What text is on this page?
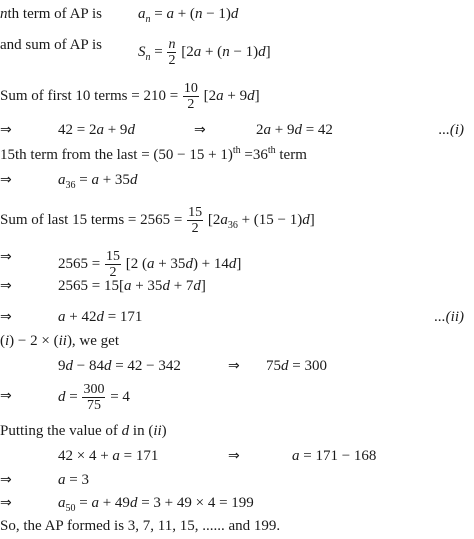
nth term of AP is $a_n = a + (n - 1)d$
and sum of AP is $S_n = \frac{n}{2} [2a + (n - 1)d]$
Sum of first 10 terms = $210 = \frac{10}{2} [2a + 9d]$
⇒	42 = 2a + 9d	⇒	2a + 9d = 42	...(i)
15th term from the last = $(50 - 15 + 1)^{th} =36th$ term
⇒	$a_{36} = a + 35d$
Sum of last 15 terms = $2565 = \frac{15}{2} [2a_{36} + (15 - 1)d]$
⇒	$2565 = \frac{15}{2} [2$ (a + 35d) + 14d]
⇒	2565 = 15[a + 35d + 7d]
⇒	a + 42d = 171	...(ii)
(i) − 2 × (ii), we get
9d − 84d = 42 − 342	⇒ 75d = 300
⇒	$d = \frac{300}{75} = 4$
Putting the value of d in (ii)
42 × 4 + a = 171	⇒	a = 171 − 168
⇒	a = 3
⇒	$a_{50} = a + 49d = 3 + 49 \times 4 = 199$
So, the AP formed is 3, 7, 11, 15, ...... and 199.
